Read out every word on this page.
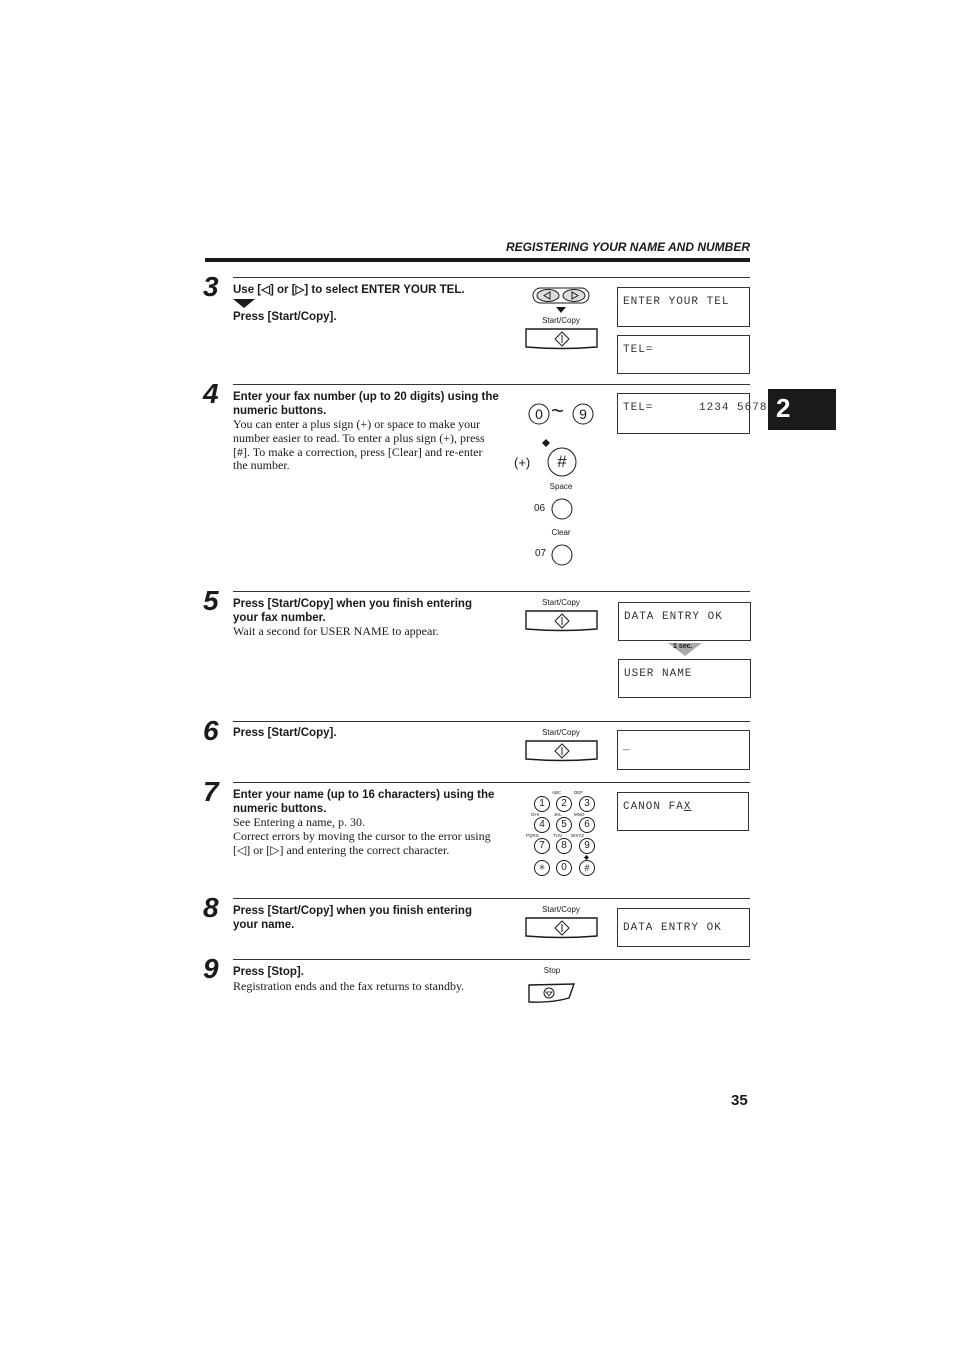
REGISTERING YOUR NAME AND NUMBER
2
3 Use [◁] or [▷] to select ENTER YOUR TEL.
Press [Start/Copy].	Start/Copy
ENTER YOUR TEL
TEL=
4 Enter your fax number (up to 20 digits) using the numeric buttons.
You can enter a plus sign (+) or space to make your number easier to read. To enter a plus sign (+), press [#]. To make a correction, press [Clear] and re-enter the number.
0 ~	9
(+)	#
Space
06
Clear
07
TEL=      1234 5678
5 Press [Start/Copy] when you finish entering your fax number.
Wait a second for USER NAME to appear.
Start/Copy
DATA ENTRY OK
1 sec.
USER NAME
6 Press [Start/Copy].	Start/Copy
_
7 Enter your name (up to 16 characters) using the numeric buttons.
See Entering a name, p. 30.
Correct errors by moving the cursor to the error using [◁] or [▷] and entering the correct character.
ABC	DEF
GHI	JKL	MNO
PQRS	TUV WXYZ
1	2	3
4	5	6
7	8	9
✳	0	#
CANON FAX
8 Press [Start/Copy] when you finish entering your name.
Start/Copy
DATA ENTRY OK
9 Press [Stop].
Registration ends and the fax returns to standby.
Stop
35
